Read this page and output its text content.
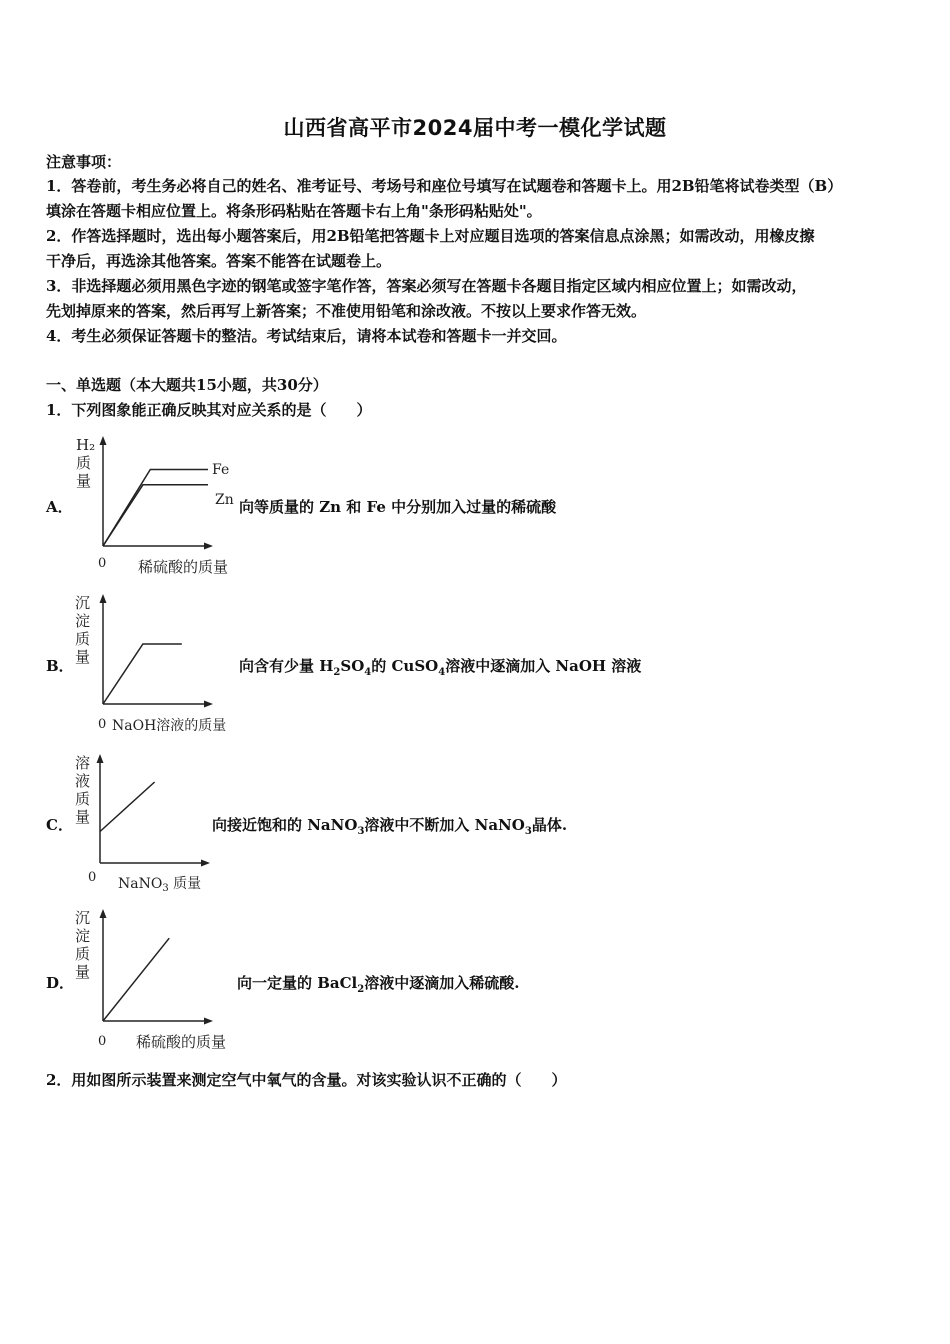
山西省高平市2024届中考一模化学试题
注意事项：
1．答卷前，考生务必将自己的姓名、准考证号、考场号和座位号填写在试题卷和答题卡上。用2B铅笔将试卷类型（B）
填涂在答题卡相应位置上。将条形码粘贴在答题卡右上角"条形码粘贴处"。
2．作答选择题时，选出每小题答案后，用2B铅笔把答题卡上对应题目选项的答案信息点涂黑；如需改动，用橡皮擦
干净后，再选涂其他答案。答案不能答在试题卷上。
3．非选择题必须用黑色字迹的钢笔或签字笔作答，答案必须写在答题卡各题目指定区域内相应位置上；如需改动，
先划掉原来的答案，然后再写上新答案；不准使用铅笔和涂改液。不按以上要求作答无效。
4．考生必须保证答题卡的整洁。考试结束后，请将本试卷和答题卡一并交回。
一、单选题（本大题共15小题，共30分）
1．下列图象能正确反映其对应关系的是（　　）
A．
H₂
质
量
Fe
Zn
0 稀硫酸的质量
向等质量的 Zn 和 Fe 中分别加入过量的稀硫酸
B．
沉
淀
质
量
0 NaOH溶液的质量
向含有少量 $H_2SO_4$的 CuSO$_4$溶液中逐滴加入 NaOH 溶液
C．
溶
液
质
量
0 NaNO$_3$ 质量
向接近饱和的 NaNO$_3$溶液中不断加入 NaNO$_3$晶体.
D．
沉
淀
质
量
0 稀硫酸的质量
向一定量的 BaCl$_2$溶液中逐滴加入稀硫酸.
2．用如图所示装置来测定空气中氧气的含量。对该实验认识不正确的（　　）
